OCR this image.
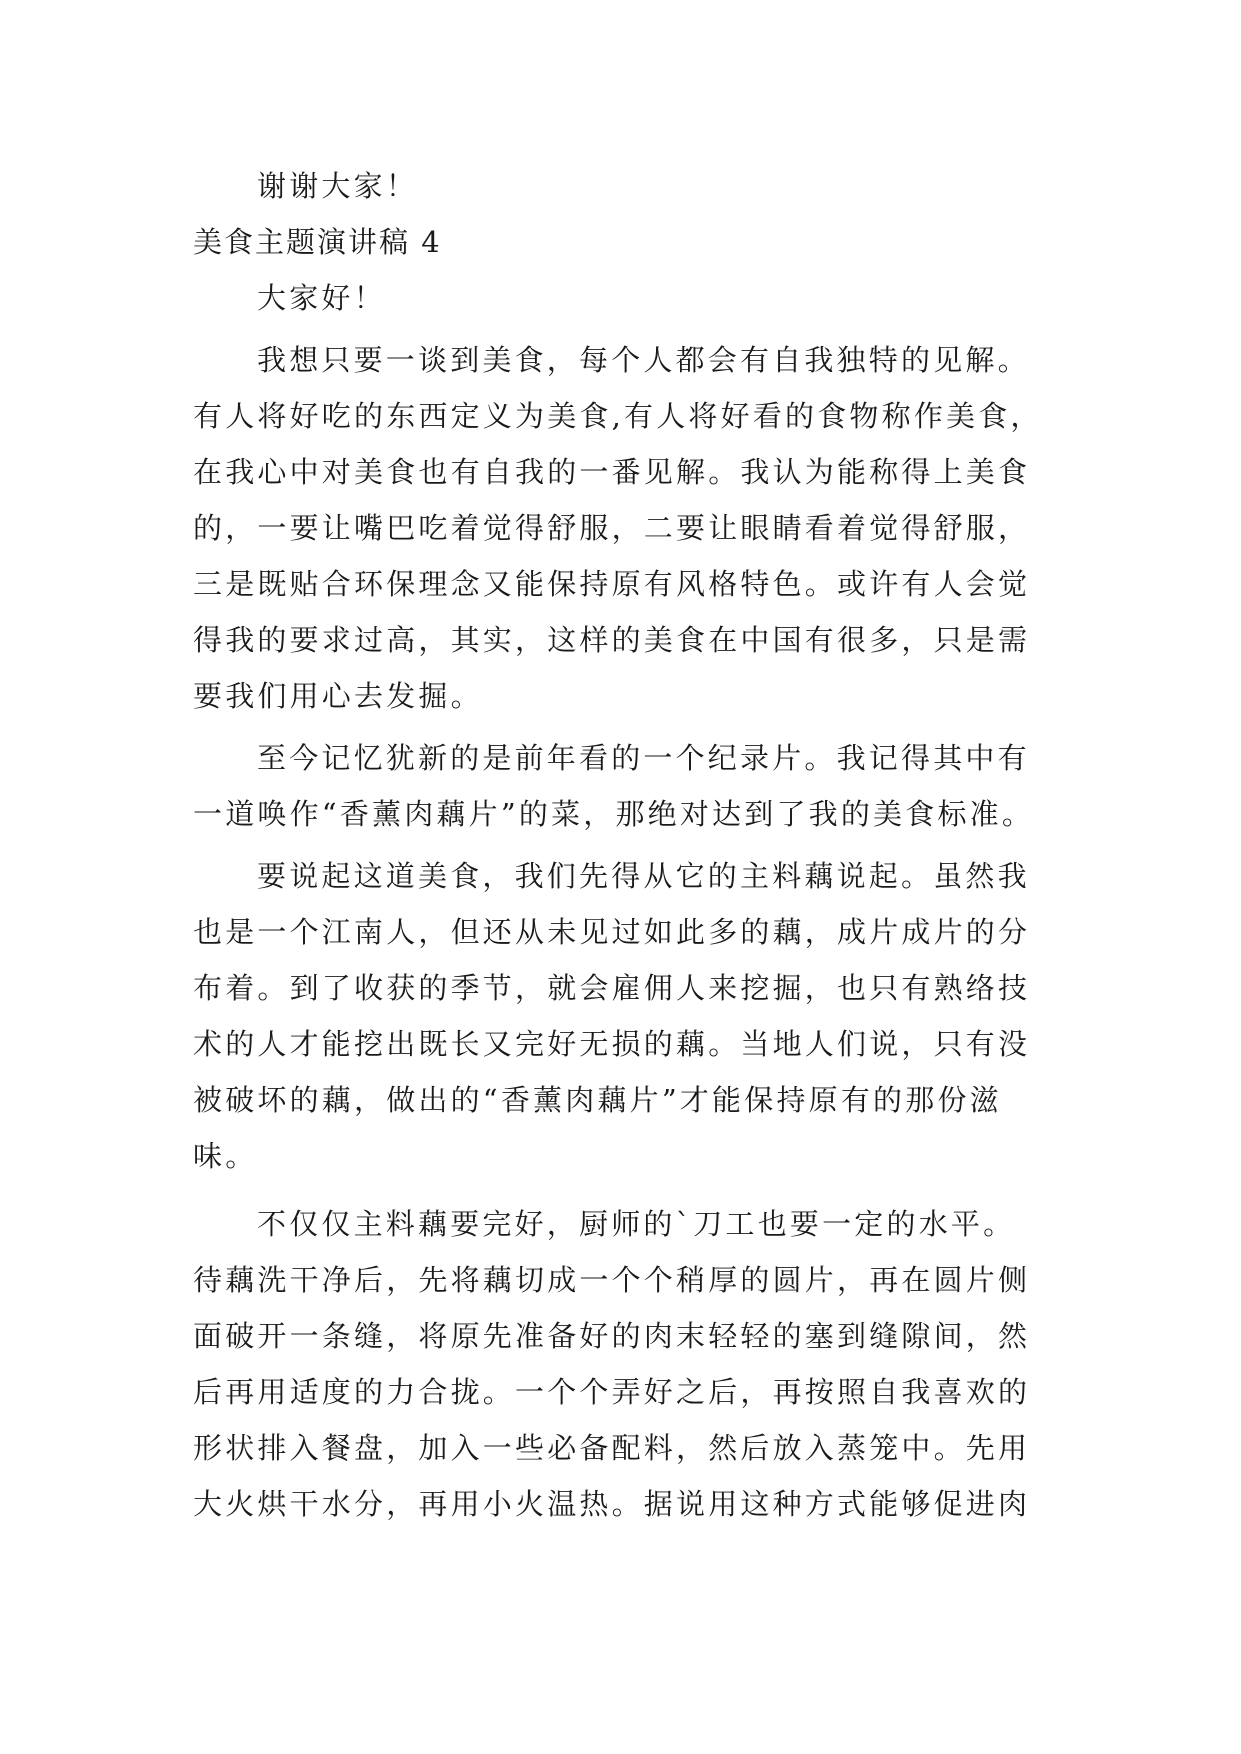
谢谢大家！

美食主题演讲稿 4

大家好！

我想只要一谈到美食，每个人都会有自我独特的见解。

有人将好吃的东西定义为美食,有人将好看的食物称作美食，

在我心中对美食也有自我的一番见解。我认为能称得上美食

的，一要让嘴巴吃着觉得舒服，二要让眼睛看着觉得舒服，

三是既贴合环保理念又能保持原有风格特色。或许有人会觉

得我的要求过高，其实，这样的美食在中国有很多，只是需

要我们用心去发掘。

至今记忆犹新的是前年看的一个纪录片。我记得其中有

一道唤作“香薰肉藕片”的菜，那绝对达到了我的美食标准。

要说起这道美食，我们先得从它的主料藕说起。虽然我

也是一个江南人，但还从未见过如此多的藕，成片成片的分

布着。到了收获的季节，就会雇佣人来挖掘，也只有熟络技

术的人才能挖出既长又完好无损的藕。当地人们说，只有没

被破坏的藕，做出的“香薰肉藕片”才能保持原有的那份滋

味。

不仅仅主料藕要完好，厨师的`刀工也要一定的水平。

待藕洗干净后，先将藕切成一个个稍厚的圆片，再在圆片侧

面破开一条缝，将原先准备好的肉末轻轻的塞到缝隙间，然

后再用适度的力合拢。一个个弄好之后，再按照自我喜欢的

形状排入餐盘，加入一些必备配料，然后放入蒸笼中。先用

大火烘干水分，再用小火温热。据说用这种方式能够促进肉
